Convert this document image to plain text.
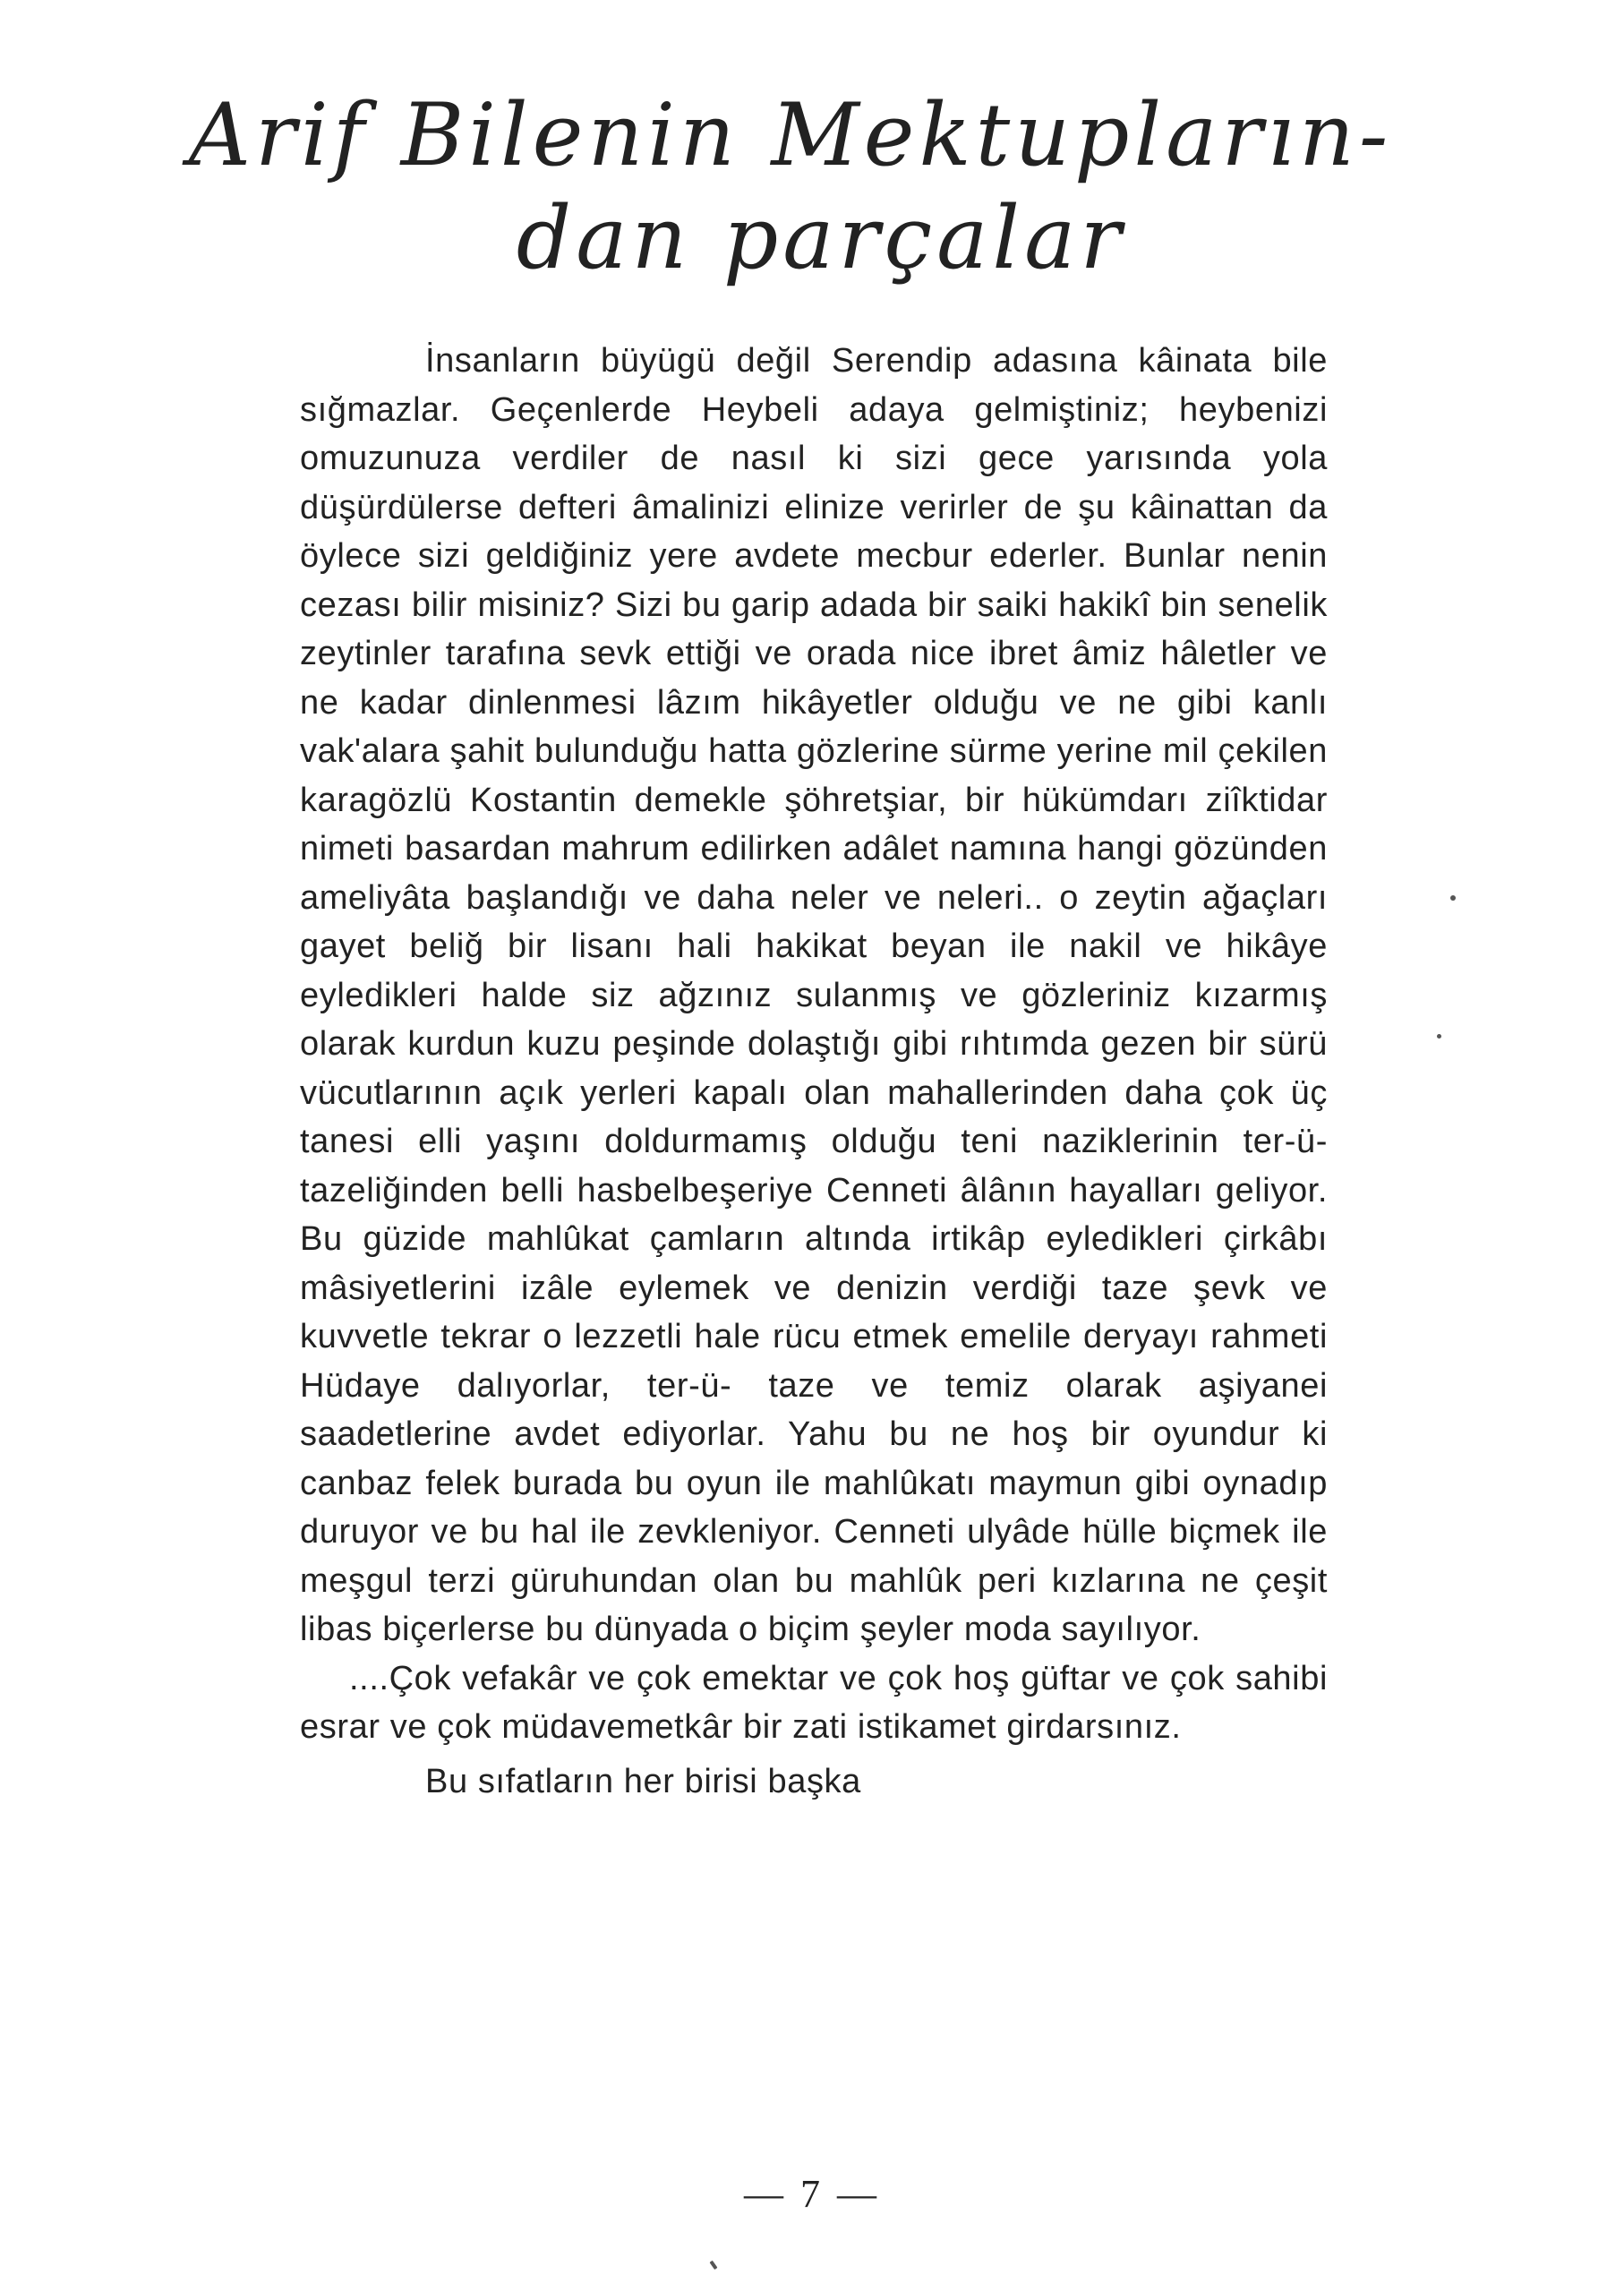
Arif Bilenin Mektupların-
dan parçalar

İnsanların büyügü değil Serendip adasına kâinata bile sığmazlar. Geçenlerde Heybeli adaya gelmiştiniz; heybenizi omuzunuza verdiler de nasıl ki sizi gece yarısında yola düşürdülerse defteri âmalinizi elinize verirler de şu kâinattan da öylece sizi geldiğiniz yere avdete mecbur ederler. Bunlar nenin cezası bilir misiniz? Sizi bu garip adada bir saiki hakikî bin senelik zeytinler tarafına sevk ettiği ve orada nice ibret âmiz hâletler ve ne kadar dinlenmesi lâzım hikâyetler olduğu ve ne gibi kanlı vak'alara şahit bulunduğu hatta gözlerine sürme yerine mil çekilen karagözlü Kostantin demekle şöhretşiar, bir hükümdarı ziîktidar nimeti basardan mahrum edilirken adâlet namına hangi gözünden ameliyâta başlandığı ve daha neler ve neleri.. o zeytin ağaçları gayet beliğ bir lisanı hali hakikat beyan ile nakil ve hikâye eyledikleri halde siz ağzınız sulanmış ve gözleriniz kızarmış olarak kurdun kuzu peşinde dolaştığı gibi rıhtımda gezen bir sürü vücutlarının açık yerleri kapalı olan mahallerinden daha çok üç tanesi elli yaşını doldurmamış olduğu teni naziklerinin ter-ü- tazeliğinden belli hasbelbeşeriye Cenneti âlânın hayalları geliyor. Bu güzide mahlûkat çamların altında irtikâp eyledikleri çirkâbı mâsiyetlerini izâle eylemek ve denizin verdiği taze şevk ve kuvvetle tekrar o lezzetli hale rücu etmek emelile deryayı rahmeti Hüdaye dalıyorlar, ter-ü- taze ve temiz olarak aşiyanei saadetlerine avdet ediyorlar. Yahu bu ne hoş bir oyundur ki canbaz felek burada bu oyun ile mahlûkatı maymun gibi oynadıp duruyor ve bu hal ile zevkleniyor. Cenneti ulyâde hülle biçmek ile meşgul terzi güruhundan olan bu mahlûk peri kızlarına ne çeşit libas biçerlerse bu dünyada o biçim şeyler moda sayılıyor.

....Çok vefakâr ve çok emektar ve çok hoş güftar ve çok sahibi esrar ve çok müdavemetkâr bir zati istikamet girdarsınız.

Bu sıfatların her birisi başka

— 7 —
